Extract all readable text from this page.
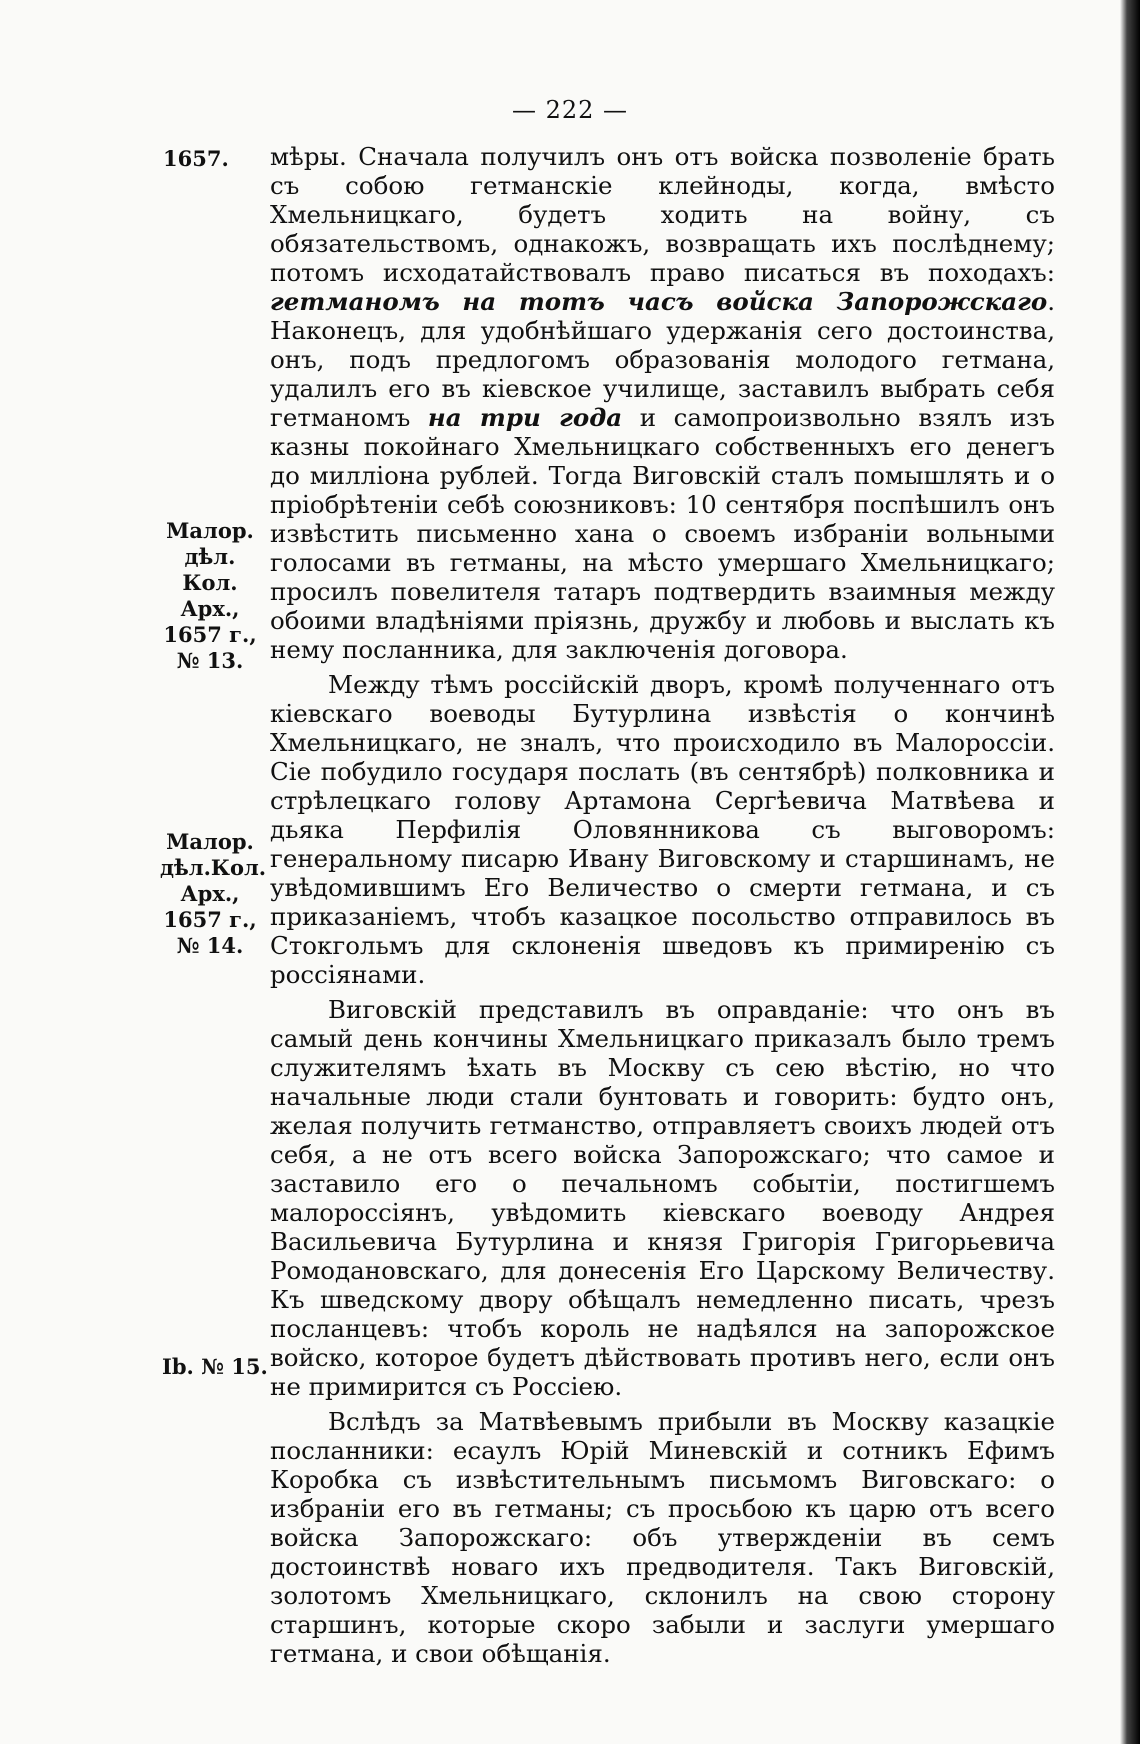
— 222 —
1657.
Малор.
дѣл. Кол.
Арх.,
1657 г.,
№ 13.
Малор.
дѣл.Кол.
Арх.,
1657 г.,
№ 14.
Ib. № 15.

мѣры. Сначала получилъ онъ отъ войска позволеніе брать съ собою гетманскіе клейноды, когда, вмѣсто Хмельницкаго, будетъ ходить на войну, съ обязательствомъ, однакожъ, возвращать ихъ послѣднему; потомъ исходатайствовалъ право писаться въ походахъ: гетманомъ на тотъ часъ войска Запорожскаго. Наконецъ, для удобнѣйшаго удержанія сего достоинства, онъ, подъ предлогомъ образованія молодого гетмана, удалилъ его въ кіевское училище, заставилъ выбрать себя гетманомъ на три года и самопроизвольно взялъ изъ казны покойнаго Хмельницкаго собственныхъ его денегъ до милліона рублей. Тогда Виговскій сталъ помышлять и о пріобрѣтеніи себѣ союзниковъ: 10 сентября поспѣшилъ онъ извѣстить письменно хана о своемъ избраніи вольными голосами въ гетманы, на мѣсто умершаго Хмельницкаго; просилъ повелителя татаръ подтвердить взаимныя между обоими владѣніями пріязнь, дружбу и любовь и выслать къ нему посланника, для заключенія договора.

Между тѣмъ россійскій дворъ, кромѣ полученнаго отъ кіевскаго воеводы Бутурлина извѣстія о кончинѣ Хмельницкаго, не зналъ, что происходило въ Малороссіи. Сіе побудило государя послать (въ сентябрѣ) полковника и стрѣлецкаго голову Артамона Сергѣевича Матвѣева и дьяка Перфилія Оловянникова съ выговоромъ: генеральному писарю Ивану Виговскому и старшинамъ, не увѣдомившимъ Его Величество о смерти гетмана, и съ приказаніемъ, чтобъ казацкое посольство отправилось въ Стокгольмъ для склоненія шведовъ къ примиренію съ россіянами.

Виговскій представилъ въ оправданіе: что онъ въ самый день кончины Хмельницкаго приказалъ было тремъ служителямъ ѣхать въ Москву съ сею вѣстію, но что начальные люди стали бунтовать и говорить: будто онъ, желая получить гетманство, отправляетъ своихъ людей отъ себя, а не отъ всего войска Запорожскаго; что самое и заставило его о печальномъ событіи, постигшемъ малороссіянъ, увѣдомить кіевскаго воеводу Андрея Васильевича Бутурлина и князя Григорія Григорьевича Ромодановскаго, для донесенія Его Царскому Величеству. Къ шведскому двору обѣщалъ немедленно писать, чрезъ посланцевъ: чтобъ король не надѣялся на запорожское войско, которое будетъ дѣйствовать противъ него, если онъ не примирится съ Россіею.

Вслѣдъ за Матвѣевымъ прибыли въ Москву казацкіе посланники: есаулъ Юрій Миневскій и сотникъ Ефимъ Коробка съ извѣстительнымъ письмомъ Виговскаго: о избраніи его въ гетманы; съ просьбою къ царю отъ всего войска Запорожскаго: объ утвержденіи въ семъ достоинствѣ новаго ихъ предводителя. Такъ Виговскій, золотомъ Хмельницкаго, склонилъ на свою сторону старшинъ, которые скоро забыли и заслуги умершаго гетмана, и свои обѣщанія.
